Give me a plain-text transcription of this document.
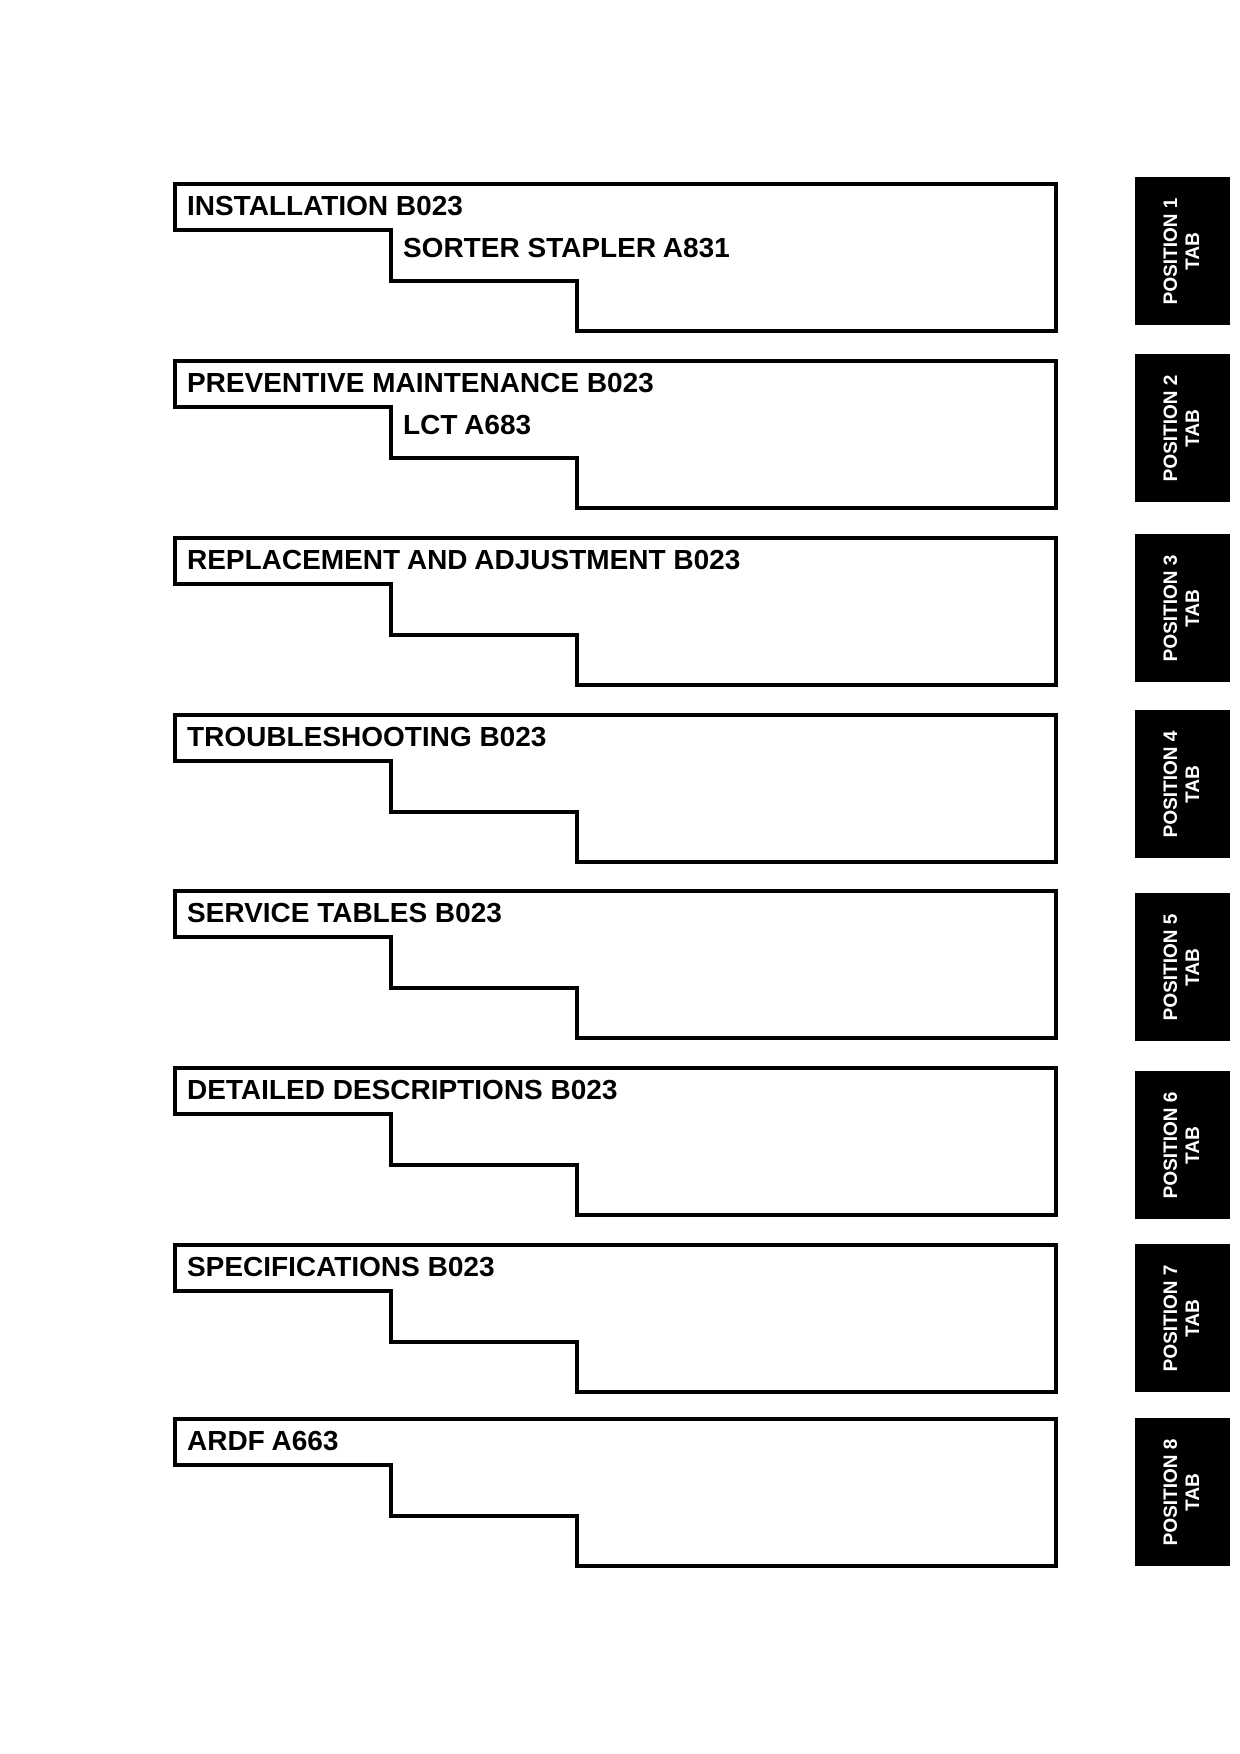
INSTALLATION B023
SORTER STAPLER A831
PREVENTIVE MAINTENANCE B023
LCT A683
REPLACEMENT AND ADJUSTMENT B023
TROUBLESHOOTING B023
SERVICE TABLES B023
DETAILED DESCRIPTIONS B023
SPECIFICATIONS B023
ARDF A663
POSITION 1 TAB
POSITION 2 TAB
POSITION 3 TAB
POSITION 4 TAB
POSITION 5 TAB
POSITION 6 TAB
POSITION 7 TAB
POSITION 8 TAB
